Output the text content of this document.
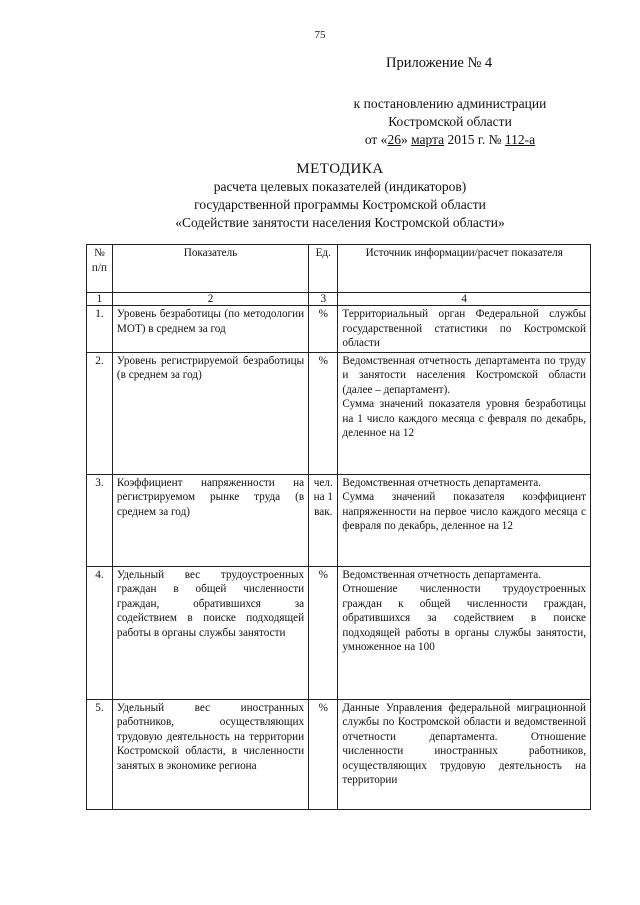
75
Приложение № 4
к постановлению администрации
Костромской области
от «26» марта 2015 г. № 112-а
МЕТОДИКА
расчета целевых показателей (индикаторов)
государственной программы Костромской области
«Содействие занятости населения Костромской области»
№ п/п	Показатель	Ед.	Источник информации/расчет показателя
1	2	3	4
1.	Уровень безработицы (по методологии МОТ) в среднем за год	%	Территориальный орган Федеральной службы государственной статистики по Костромской области

2.	Уровень регистрируемой безработицы (в среднем за год)	%	Ведомственная отчетность департамента по труду и занятости населения Костромской области (далее – департамент).

Сумма значений показателя уровня безработицы на 1 число каждого месяца с февраля по декабрь, деленное на 12

3.	Коэффициент напряженности на регистрируемом рынке труда (в среднем за год)	чел. на 1 вак.	Ведомственная отчетность департамента.

Сумма значений показателя коэффициент напряженности на первое число каждого месяца с февраля по декабрь, деленное на 12

4.	Удельный вес трудоустроенных граждан в общей численности граждан, обратившихся за содействием в поиске подходящей работы в органы службы занятости	%	Ведомственная отчетность департамента.

Отношение численности трудоустроенных граждан к общей численности граждан, обратившихся за содействием в поиске подходящей работы в органы службы занятости, умноженное на 100

5.	Удельный вес иностранных работников, осуществляющих трудовую деятельность на территории Костромской области, в численности занятых в экономике региона	%	Данные Управления федеральной миграционной службы по Костромской области и ведомственной отчетности департамента. Отношение численности иностранных работников, осуществляющих трудовую деятельность на территории
